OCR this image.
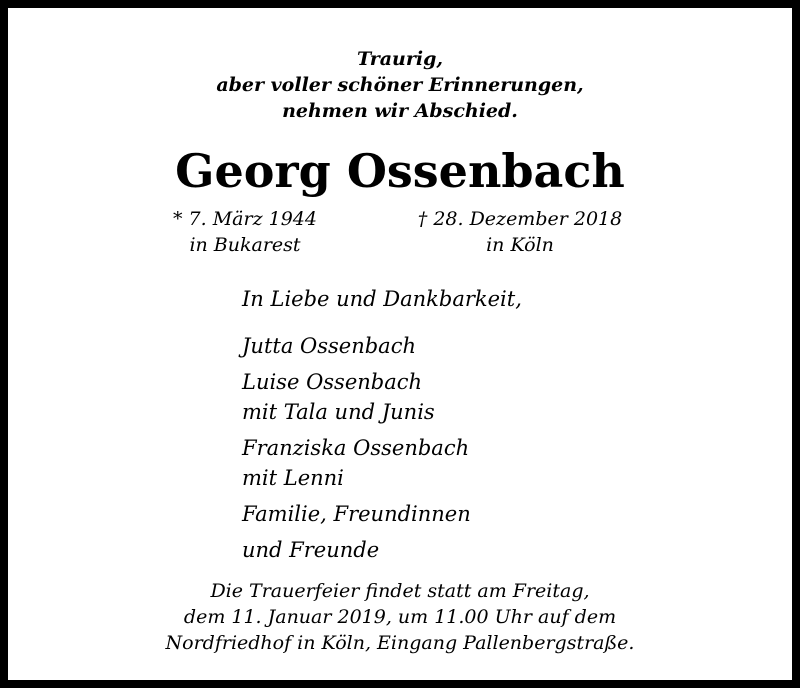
Traurig,
aber voller schöner Erinnerungen,
nehmen wir Abschied.
Georg Ossenbach
* 7. März 1944
in Bukarest
† 28. Dezember 2018
in Köln
In Liebe und Dankbarkeit,
Jutta Ossenbach
Luise Ossenbach
mit Tala und Junis
Franziska Ossenbach
mit Lenni
Familie, Freundinnen
und Freunde
Die Trauerfeier findet statt am Freitag,
dem 11. Januar 2019, um 11.00 Uhr auf dem
Nordfriedhof in Köln, Eingang Pallenbergstraße.
